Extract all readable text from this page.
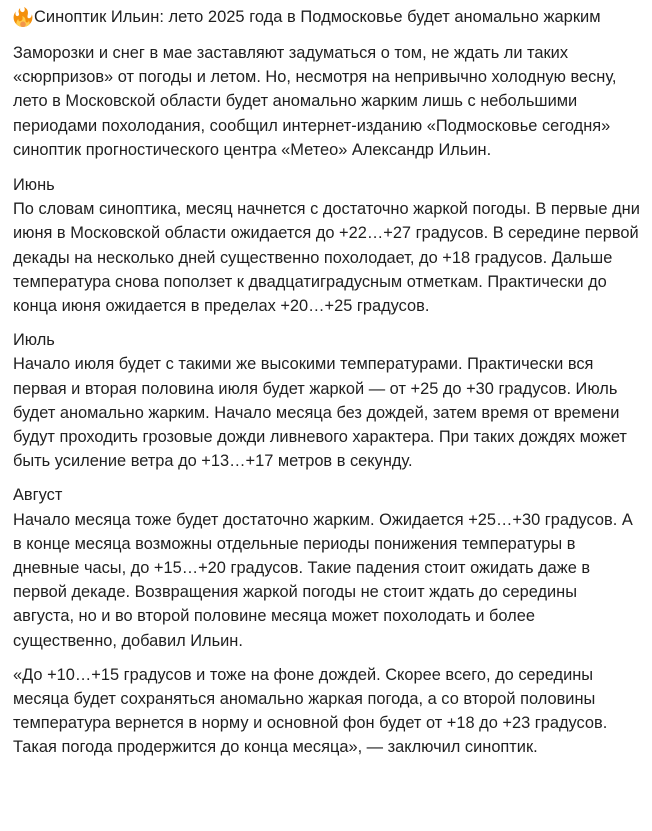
Синоптик Ильин: лето 2025 года в Подмосковье будет аномально жарким

Заморозки и снег в мае заставляют задуматься о том, не ждать ли таких «сюрпризов» от погоды и летом. Но, несмотря на непривычно холодную весну, лето в Московской области будет аномально жарким лишь с небольшими периодами похолодания, сообщил интернет-изданию «Подмосковье сегодня» синоптик прогностического центра «Метео» Александр Ильин.

Июнь
По словам синоптика, месяц начнется с достаточно жаркой погоды. В первые дни июня в Московской области ожидается до +22…+27 градусов. В середине первой декады на несколько дней существенно похолодает, до +18 градусов. Дальше температура снова поползет к двадцатиградусным отметкам. Практически до конца июня ожидается в пределах +20…+25 градусов.

Июль
Начало июля будет с такими же высокими температурами. Практически вся первая и вторая половина июля будет жаркой — от +25 до +30 градусов. Июль будет аномально жарким. Начало месяца без дождей, затем время от времени будут проходить грозовые дожди ливневого характера. При таких дождях может быть усиление ветра до +13…+17 метров в секунду.

Август
Начало месяца тоже будет достаточно жарким. Ожидается +25…+30 градусов. А в конце месяца возможны отдельные периоды понижения температуры в дневные часы, до +15…+20 градусов. Такие падения стоит ожидать даже в первой декаде. Возвращения жаркой погоды не стоит ждать до середины августа, но и во второй половине месяца может похолодать и более существенно, добавил Ильин.

«До +10…+15 градусов и тоже на фоне дождей. Скорее всего, до середины месяца будет сохраняться аномально жаркая погода, а со второй половины температура вернется в норму и основной фон будет от +18 до +23 градусов. Такая погода продержится до конца месяца», — заключил синоптик.
